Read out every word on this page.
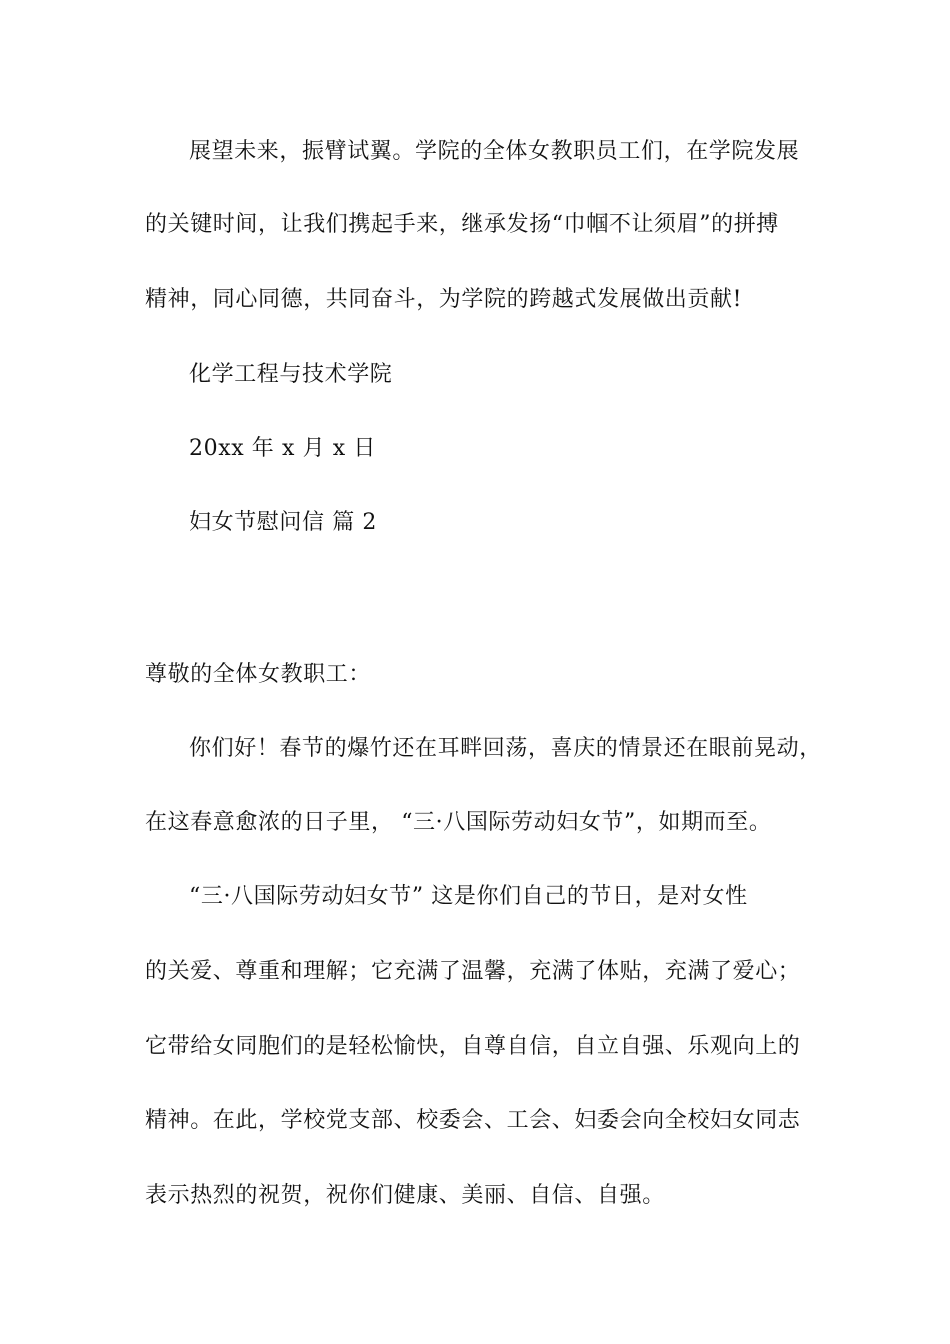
展望未来，振臂试翼。学院的全体女教职员工们，在学院发展
的关键时间，让我们携起手来，继承发扬“巾帼不让须眉”的拼搏
精神，同心同德，共同奋斗，为学院的跨越式发展做出贡献!
化学工程与技术学院
20xx 年 x 月 x 日
妇女节慰问信 篇 2
尊敬的全体女教职工：
你们好！春节的爆竹还在耳畔回荡，喜庆的情景还在眼前晃动，
在这春意愈浓的日子里， “三·八国际劳动妇女节”，如期而至。
“三·八国际劳动妇女节” 这是你们自己的节日，是对女性
的关爱、尊重和理解；它充满了温馨，充满了体贴，充满了爱心；
它带给女同胞们的是轻松愉快，自尊自信，自立自强、乐观向上的
精神。在此，学校党支部、校委会、工会、妇委会向全校妇女同志
表示热烈的祝贺，祝你们健康、美丽、自信、自强。
